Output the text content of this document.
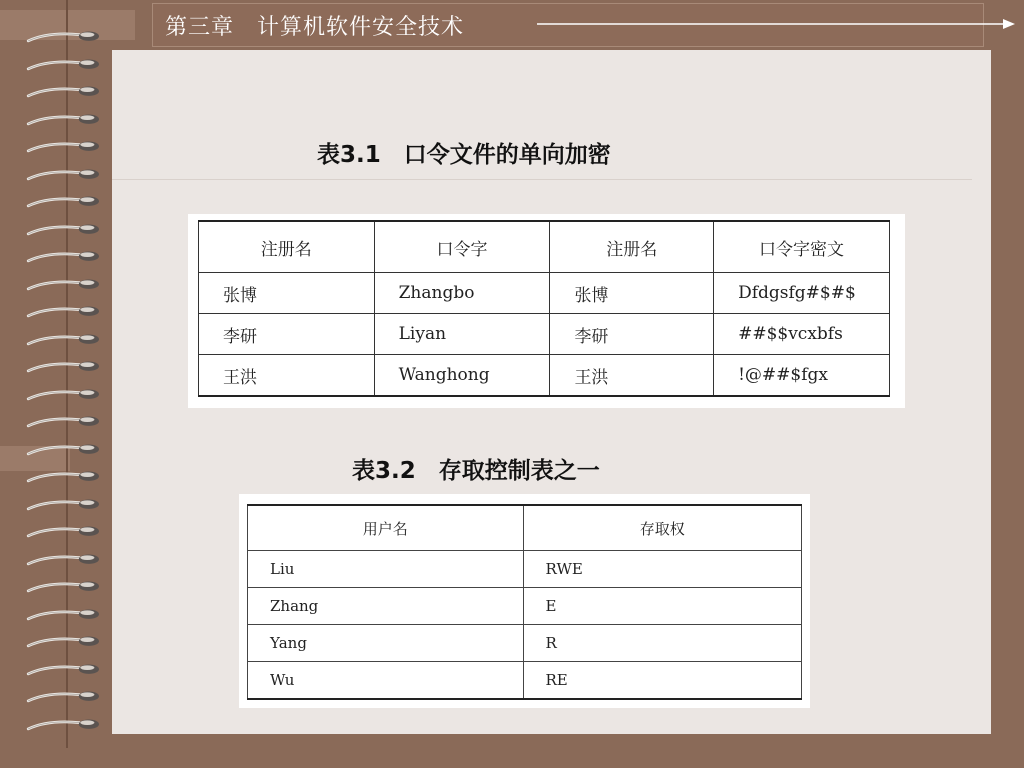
第三章　计算机软件安全技术
表3.1　口令文件的单向加密
注册名	口令字	注册名	口令字密文
张博	Zhangbo	张博	Dfdgsfg#$#$
李研	Liyan	李研	##$$vcxbfs
王洪	Wanghong	王洪	!@##$fgx
表3.2　存取控制表之一
用户名	存取权
Liu	RWE
Zhang	E
Yang	R
Wu	RE
